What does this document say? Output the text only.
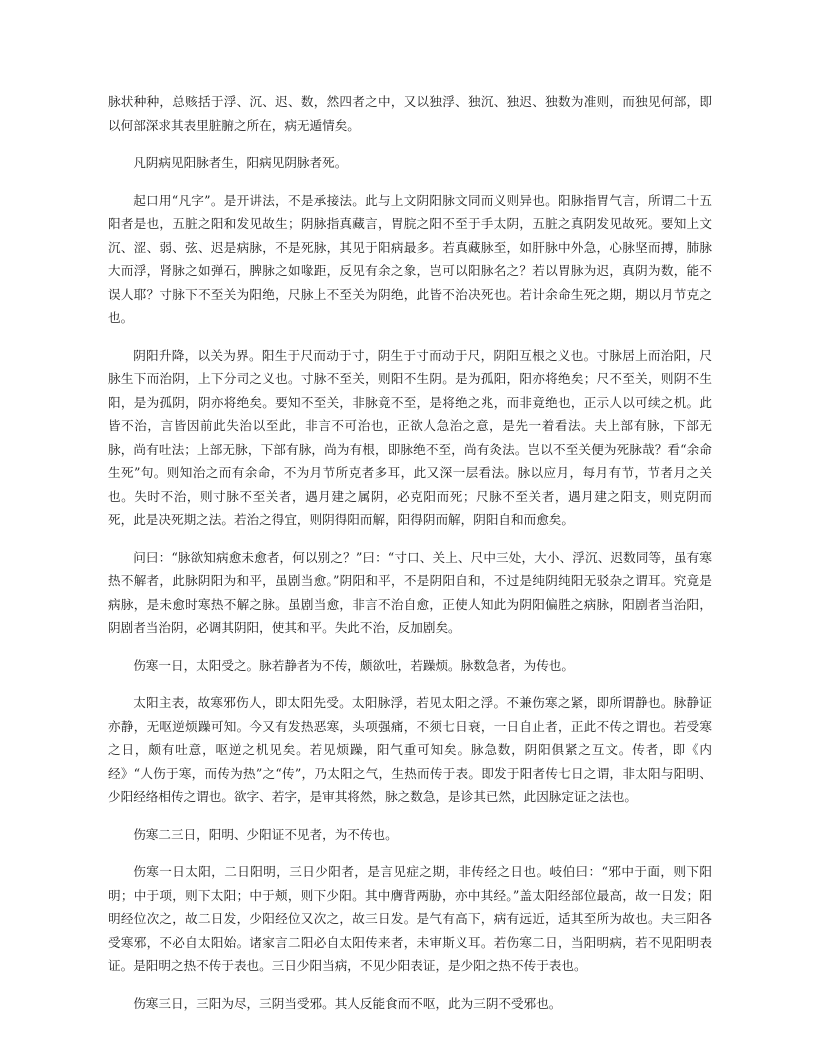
脉状种种，总赅括于浮、沉、迟、数，然四者之中，又以独浮、独沉、独迟、独数为准则，而独见何部，即以何部深求其表里脏腑之所在，病无遁情矣。

凡阴病见阳脉者生，阳病见阴脉者死。

起口用“凡字”。是开讲法，不是承接法。此与上文阴阳脉文同而义则异也。阳脉指胃气言，所谓二十五阳者是也，五脏之阳和发见故生；阴脉指真藏言，胃脘之阳不至于手太阴，五脏之真阴发见故死。要知上文沉、涩、弱、弦、迟是病脉，不是死脉，其见于阳病最多。若真藏脉至，如肝脉中外急，心脉坚而搏，肺脉大而浮，肾脉之如弹石，脾脉之如喙距，反见有余之象，岂可以阳脉名之？若以胃脉为迟，真阴为数，能不误人耶？寸脉下不至关为阳绝，尺脉上不至关为阴绝，此皆不治决死也。若计余命生死之期，期以月节克之也。

阴阳升降，以关为界。阳生于尺而动于寸，阴生于寸而动于尺，阴阳互根之义也。寸脉居上而治阳，尺脉生下而治阴，上下分司之义也。寸脉不至关，则阳不生阴。是为孤阳，阳亦将绝矣；尺不至关，则阴不生阳，是为孤阴，阴亦将绝矣。要知不至关，非脉竟不至，是将绝之兆，而非竟绝也，正示人以可续之机。此皆不治，言皆因前此失治以至此，非言不可治也，正欲人急治之意，是先一着看法。夫上部有脉，下部无脉，尚有吐法；上部无脉，下部有脉，尚为有根，即脉绝不至，尚有灸法。岂以不至关便为死脉哉？看“余命生死”句。则知治之而有余命，不为月节所克者多耳，此又深一层看法。脉以应月，每月有节，节者月之关也。失时不治，则寸脉不至关者，遇月建之属阴，必克阳而死；尺脉不至关者，遇月建之阳支，则克阴而死，此是决死期之法。若治之得宜，则阴得阳而解，阳得阴而解，阴阳自和而愈矣。

问曰：“脉欲知病愈未愈者，何以别之？”曰：“寸口、关上、尺中三处，大小、浮沉、迟数同等，虽有寒热不解者，此脉阴阳为和平，虽剧当愈。”阴阳和平，不是阴阳自和，不过是纯阴纯阳无驳杂之谓耳。究竟是病脉，是未愈时寒热不解之脉。虽剧当愈，非言不治自愈，正使人知此为阴阳偏胜之病脉，阳剧者当治阳，阴剧者当治阴，必调其阴阳，使其和平。失此不治，反加剧矣。

伤寒一日，太阳受之。脉若静者为不传，颇欲吐，若躁烦。脉数急者，为传也。

太阳主表，故寒邪伤人，即太阳先受。太阳脉浮，若见太阳之浮。不兼伤寒之紧，即所谓静也。脉静证亦静，无呕逆烦躁可知。今又有发热恶寒，头项强痛，不须七日衰，一日自止者，正此不传之谓也。若受寒之日，颇有吐意，呕逆之机见矣。若见烦躁，阳气重可知矣。脉急数，阴阳俱紧之互文。传者，即《内经》“人伤于寒，而传为热”之“传”，乃太阳之气，生热而传于表。即发于阳者传七日之谓，非太阳与阳明、少阳经络相传之谓也。欲字、若字，是审其将然，脉之数急，是诊其已然，此因脉定证之法也。

伤寒二三日，阳明、少阳证不见者，为不传也。

伤寒一日太阳，二日阳明，三日少阳者，是言见症之期，非传经之日也。岐伯曰：“邪中于面，则下阳明；中于项，则下太阳；中于颊，则下少阳。其中膺背两胁，亦中其经。”盖太阳经部位最高，故一日发；阳明经位次之，故二日发，少阳经位又次之，故三日发。是气有高下，病有远近，适其至所为故也。夫三阳各受寒邪，不必自太阳始。诸家言二阳必自太阳传来者，未审斯义耳。若伤寒二日，当阳明病，若不见阳明表证。是阳明之热不传于表也。三日少阳当病，不见少阳表证，是少阳之热不传于表也。

伤寒三日，三阳为尽，三阴当受邪。其人反能食而不呕，此为三阴不受邪也。
